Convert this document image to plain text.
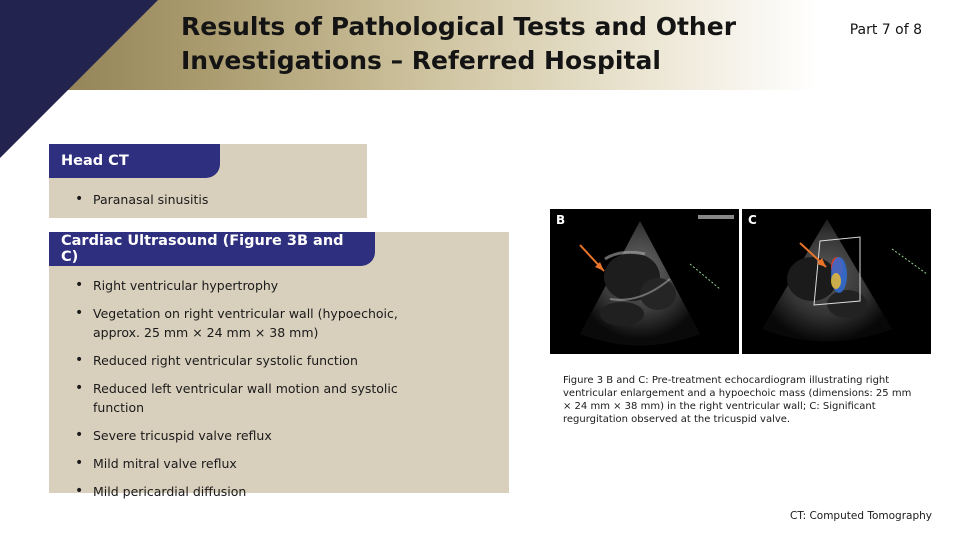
Results of Pathological Tests and Other Investigations – Referred Hospital
Part 7 of 8
Head CT
• Paranasal sinusitis
Cardiac Ultrasound (Figure 3B and C)
• Right ventricular hypertrophy
• Vegetation on right ventricular wall (hypoechoic, approx. 25 mm × 24 mm × 38 mm)
• Reduced right ventricular systolic function
• Reduced left ventricular wall motion and systolic function
• Severe tricuspid valve reflux
• Mild mitral valve reflux
• Mild pericardial diffusion
B	C

Figure 3 B and C: Pre-treatment echocardiogram illustrating right ventricular enlargement and a hypoechoic mass (dimensions: 25 mm × 24 mm × 38 mm) in the right ventricular wall; C: Significant regurgitation observed at the tricuspid valve.

CT: Computed Tomography
